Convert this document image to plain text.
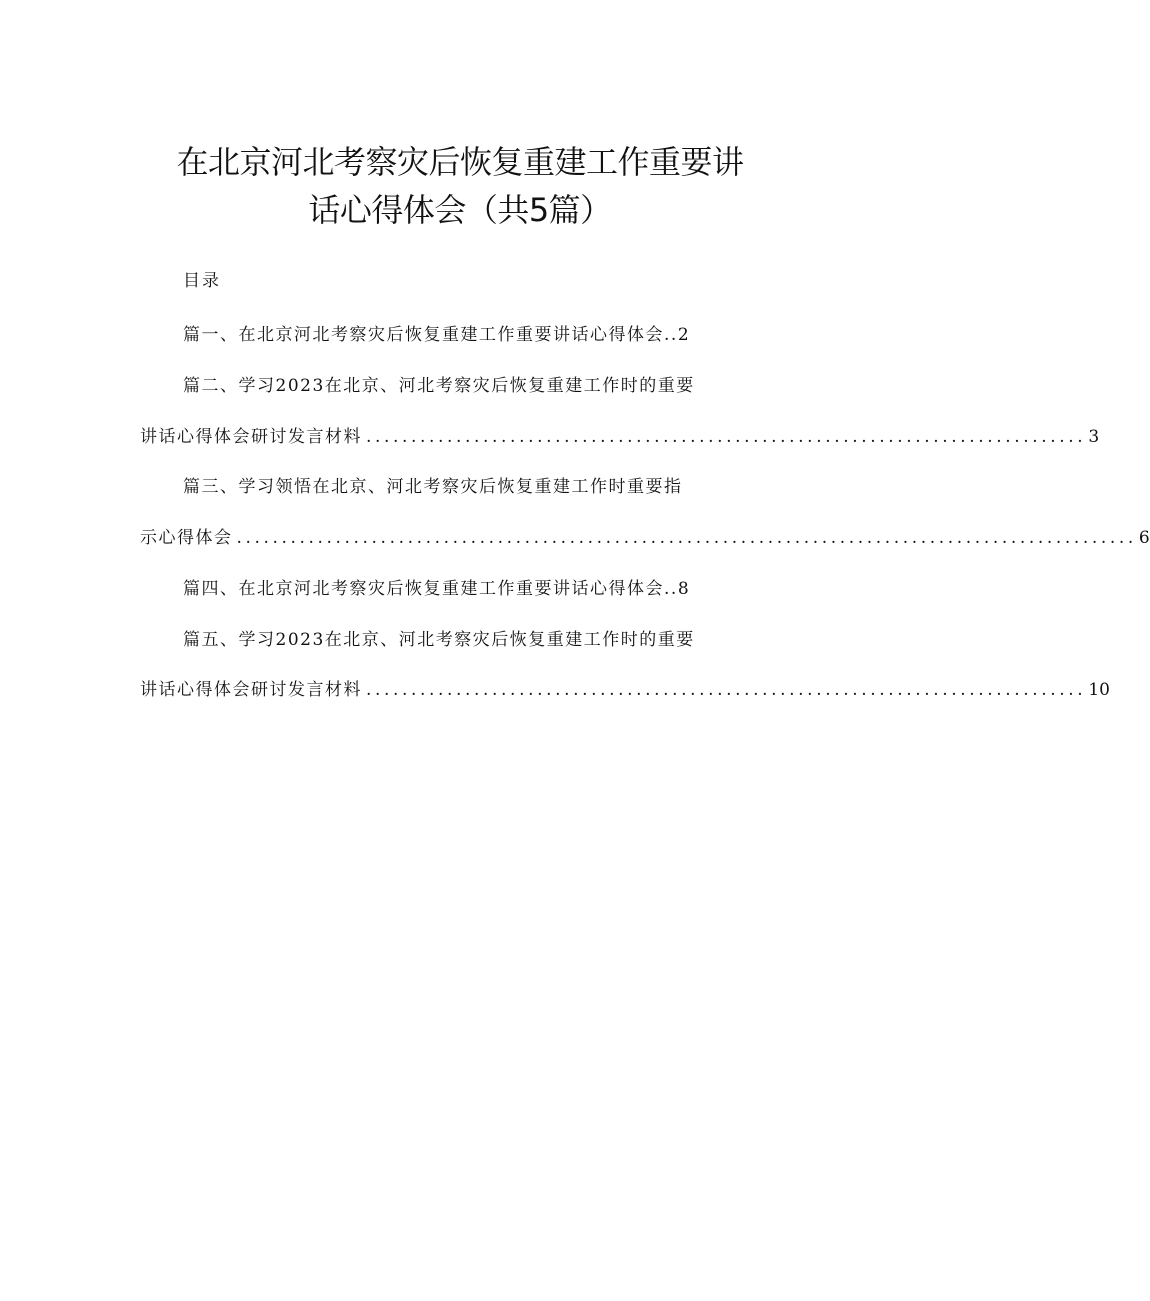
在北京河北考察灾后恢复重建工作重要讲
话心得体会（共5篇）
目录
篇一、在北京河北考察灾后恢复重建工作重要讲话心得体会..2
篇二、学习2023在北京、河北考察灾后恢复重建工作时的重要
讲话心得体会研讨发言材料 ................................................................................ 3
篇三、学习领悟在北京、河北考察灾后恢复重建工作时重要指
示心得体会 .................................................................................................... 6
篇四、在北京河北考察灾后恢复重建工作重要讲话心得体会..8
篇五、学习2023在北京、河北考察灾后恢复重建工作时的重要
讲话心得体会研讨发言材料 ................................................................................ 10
